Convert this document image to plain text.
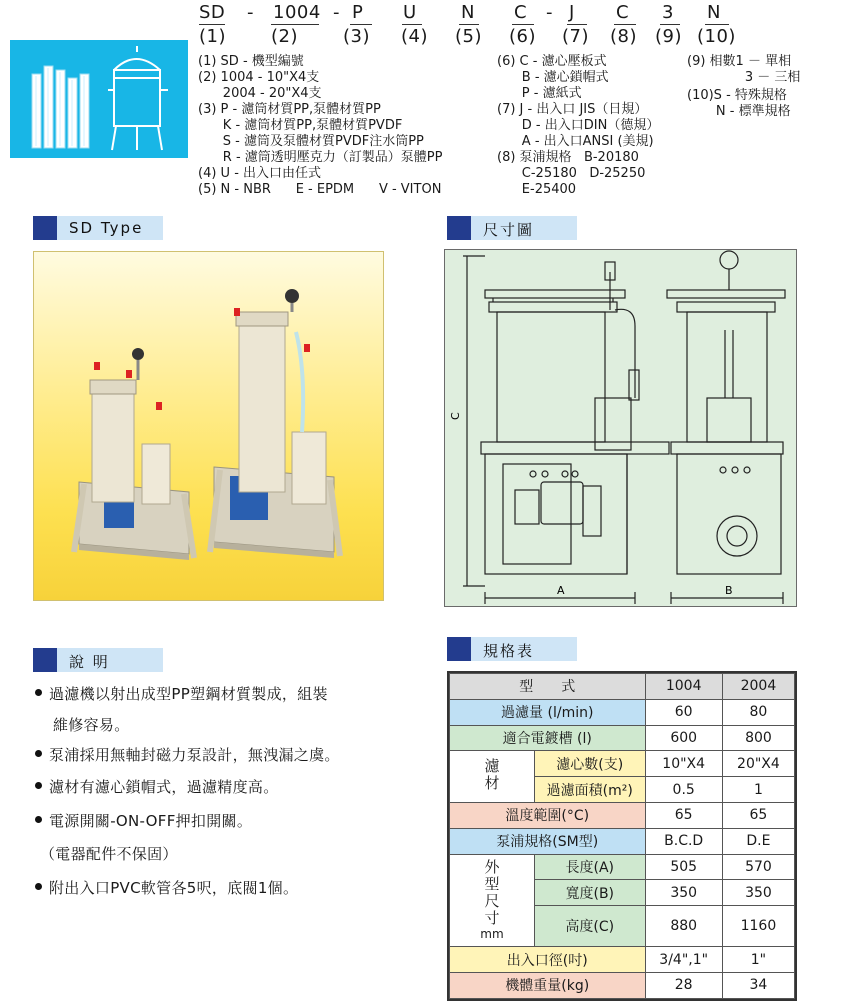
SD - 1004 - P U N C - J C 3 N
(1)	(2)	(3) (4) (5) (6) (7) (8) (9) (10)
(1) SD - 機型編號
(2) 1004 - 10"X4支
2004 - 20"X4支
(3) P - 濾筒材質PP,泵體材質PP
K - 濾筒材質PP,泵體材質PVDF
S - 濾筒及泵體材質PVDF注水筒PP
R - 濾筒透明壓克力（訂製品）泵體PP
(4) U - 出入口由任式
(5) N - NBR      E - EPDM      V - VITON
(6) C - 濾心壓板式
B - 濾心鎖帽式
P - 濾紙式
(7) J - 出入口 JIS（日規）
D - 出入口DIN（德規）
A - 出入口ANSI (美規)
(8) 泵浦規格   B-20180
C-25180   D-25250
E-25400
(9) 相數1 － 單相
3 － 三相
(10)S - 特殊規格
N - 標準規格
SD Type	尺寸圖
說 明
規格表
C
A	B
過濾機以射出成型PP塑鋼材質製成，組裝
維修容易。
泵浦採用無軸封磁力泵設計，無洩漏之虞。
濾材有濾心鎖帽式，過濾精度高。
電源開關-ON-OFF押扣開關。
（電器配件不保固）
附出入口PVC軟管各5呎，底閥1個。
型　　式		1004	2004
過濾量 (l/min)		60	80
適合電鍍槽 (l)		600	800
濾材	濾心數(支)	10"X4	20"X4
	過濾面積(m²)	0.5	1
溫度範圍(°C)		65	65
泵浦規格(SM型)		B.C.D	D.E

外型尺寸
mm	長度(A)	505	570
	寬度(B)	350	350
	高度(C)	880	1160
出入口徑(吋)		3/4",1"	1"
機體重量(kg)		28	34
